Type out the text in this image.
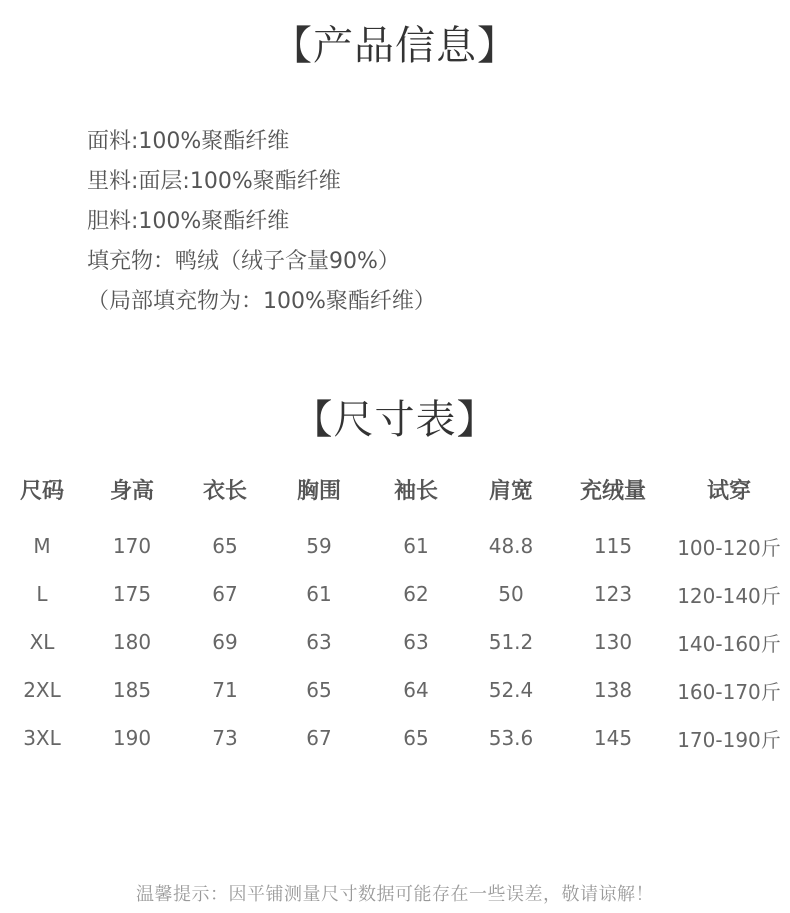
【产品信息】
面料:100%聚酯纤维
里料:面层:100%聚酯纤维
胆料:100%聚酯纤维
填充物：鸭绒（绒子含量90%）
（局部填充物为：100%聚酯纤维）
【尺寸表】
尺码	身高	衣长	胸围	袖长	肩宽	充绒量	试穿
M	170	65	59	61	48.8	115	100-120斤
L	175	67	61	62	50	123	120-140斤
XL	180	69	63	63	51.2	130	140-160斤
2XL	185	71	65	64	52.4	138	160-170斤
3XL	190	73	67	65	53.6	145	170-190斤
温馨提示：因平铺测量尺寸数据可能存在一些误差，敬请谅解！
